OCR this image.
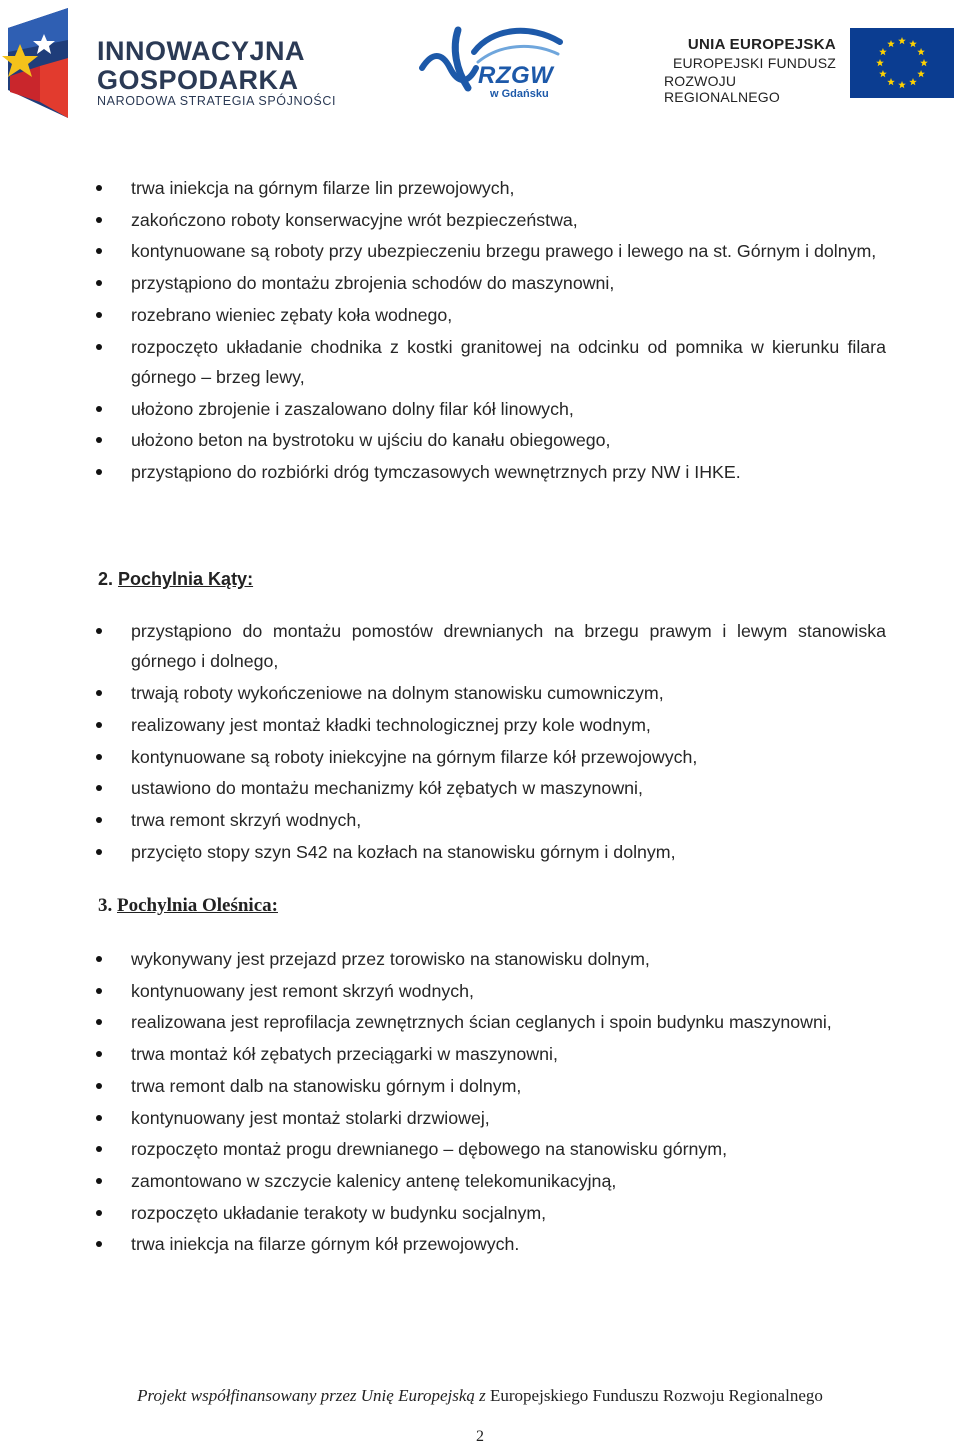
INNOWACYJNA
GOSPODARKA
NARODOWA STRATEGIA SPÓJNOŚCI
RZGW
w Gdańsku
UNIA EUROPEJSKA
EUROPEJSKI FUNDUSZ
ROZWOJU REGIONALNEGO
trwa iniekcja na górnym filarze lin przewojowych,
zakończono roboty konserwacyjne wrót bezpieczeństwa,
kontynuowane są roboty przy ubezpieczeniu brzegu prawego i lewego na st. Górnym i dolnym,
przystąpiono do montażu zbrojenia schodów do maszynowni,
rozebrano wieniec zębaty koła wodnego,
rozpoczęto układanie chodnika z kostki granitowej na odcinku od pomnika w kierunku filara górnego – brzeg lewy,
ułożono zbrojenie i zaszalowano dolny filar kół linowych,
ułożono beton na bystrotoku w ujściu do kanału obiegowego,
przystąpiono do rozbiórki dróg tymczasowych wewnętrznych przy NW i IHKE.
2. Pochylnia Kąty:
przystąpiono do montażu pomostów drewnianych na brzegu prawym i lewym stanowiska górnego i dolnego,
trwają roboty wykończeniowe na dolnym stanowisku cumowniczym,
realizowany jest montaż kładki technologicznej przy kole wodnym,
kontynuowane są roboty iniekcyjne na górnym filarze kół przewojowych,
ustawiono do montażu mechanizmy kół zębatych w maszynowni,
trwa remont skrzyń wodnych,
przycięto stopy szyn S42 na kozłach na stanowisku górnym i dolnym,
3. Pochylnia Oleśnica:
wykonywany jest przejazd przez torowisko na stanowisku dolnym,
kontynuowany jest remont skrzyń wodnych,
realizowana jest reprofilacja zewnętrznych ścian ceglanych i spoin budynku maszynowni,
trwa montaż kół zębatych przeciągarki w maszynowni,
trwa remont dalb na stanowisku górnym i dolnym,
kontynuowany jest montaż stolarki drzwiowej,
rozpoczęto montaż progu drewnianego – dębowego na stanowisku górnym,
zamontowano w szczycie kalenicy antenę telekomunikacyjną,
rozpoczęto układanie terakoty w budynku socjalnym,
trwa iniekcja na filarze górnym kół przewojowych.
Projekt współfinansowany przez Unię Europejską z Europejskiego Funduszu Rozwoju Regionalnego
2
